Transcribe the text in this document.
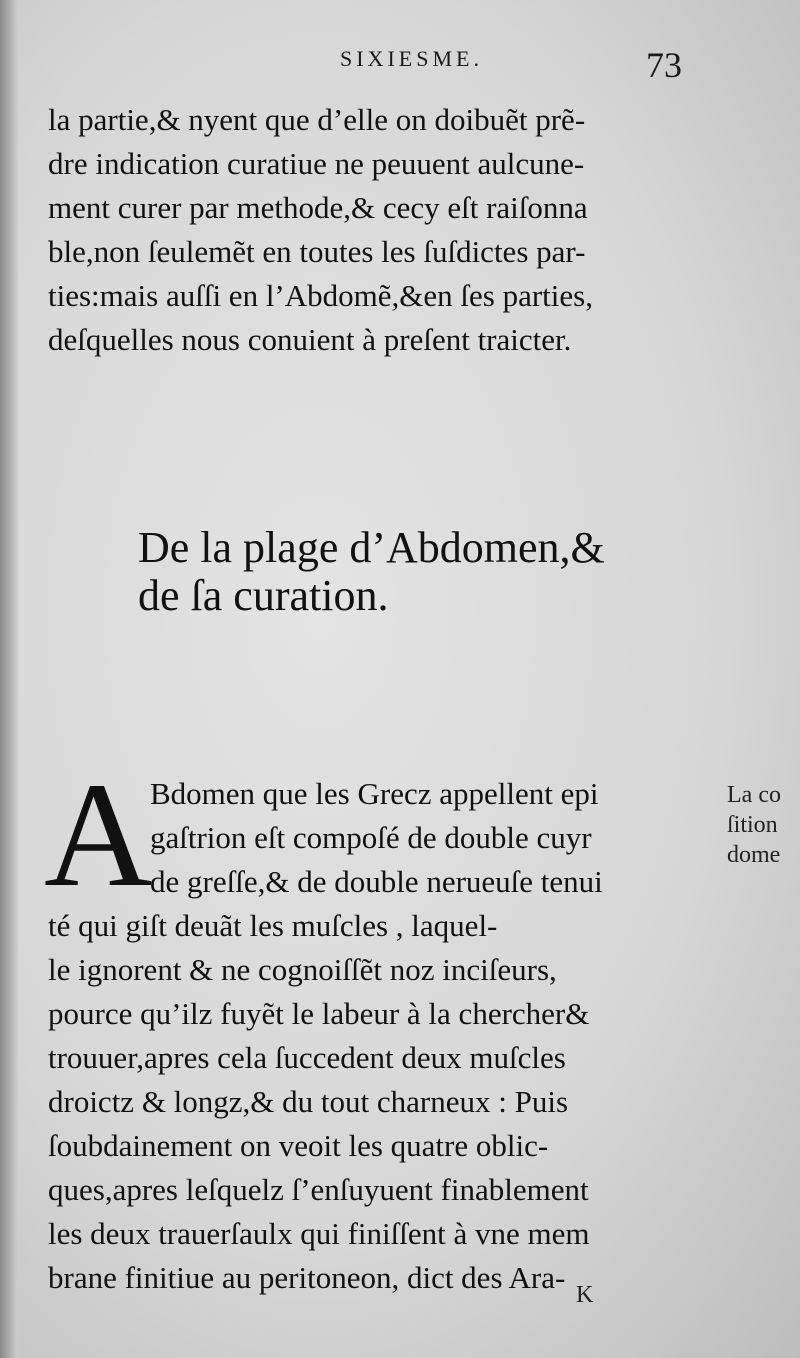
SIXIESME.	73
la partie,& nyent que d’elle on doibuẽt prẽ-
dre indication curatiue ne peuuent aulcune-
ment curer par methode,& cecy eſt raiſonna
ble,non ſeulemẽt en toutes les ſuſdictes par-
ties:mais auſſi en l’Abdomẽ,&en ſes parties,
deſquelles nous conuient à preſent traicter.
De la plage d’Abdomen,&
de ſa curation.
A
Bdomen que les Grecz appellent epi
gaſtrion eſt compoſé de double cuyr
de greſſe,& de double nerueuſe tenui
té qui giſt deuãt les muſcles , laquel-
le ignorent & ne cognoiſſẽt noz inciſeurs,
pource qu’ilz fuyẽt le labeur à la chercher&
trouuer,apres cela ſuccedent deux muſcles
droictz & longz,& du tout charneux : Puis
ſoubdainement on veoit les quatre oblic-
ques,apres leſquelz ſ’enſuyuent finablement
les deux trauerſaulx qui finiſſent à vne mem
brane finitiue au peritoneon, dict des Ara-
La co
ſition
dome
K
